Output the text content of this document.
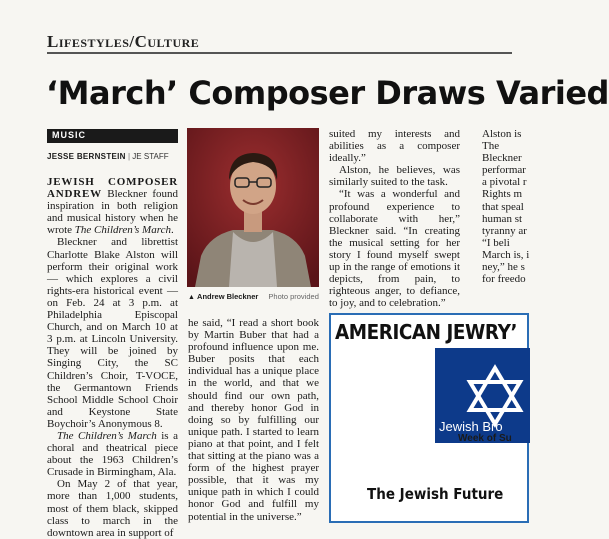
Lifestyles/Culture
‘March’ Composer Draws Varied
MUSIC
JESSE BERNSTEIN | JE STAFF

JEWISH COMPOSER ANDREW Bleckner found inspiration in both religion and musical history when he wrote The Children’s March.

Bleckner and librettist Charlotte Blake Alston will perform their original work — which explores a civil rights-era historical event — on Feb. 24 at 3 p.m. at Philadelphia Episcopal Church, and on March 10 at 3 p.m. at Lincoln University. They will be joined by Singing City, the SC Children’s Choir, T-VOCE, the Germantown Friends School Middle School Choir and Keystone State Boychoir’s Anonymous 8.

The Children’s March is a choral and theatrical piece about the 1963 Children’s Crusade in Birmingham, Ala.

On May 2 of that year, more than 1,000 students, most of them black, skipped class to march in the downtown area in support of

▲ Andrew Bleckner Photo provided

he said, “I read a short book by Martin Buber that had a profound influence upon me. Buber posits that each individual has a unique place in the world, and that we should find our own path, and thereby honor God in doing so by fulfilling our unique path. I started to learn piano at that point, and I felt that sitting at the piano was a form of the highest prayer possible, that it was my unique path in which I could honor God and fulfill my potential in the universe.”

suited my interests and abilities as a composer ideally.”

Alston, he believes, was similarly suited to the task.

“It was a wonderful and profound experience to collaborate with her,” Bleckner said. “In creating the musical setting for her story I found myself swept up in the range of emotions it depicts, from pain, to righteous anger, to defiance, to joy, and to celebration.”

Alston is
The
Bleckner
performar
a pivotal r
Rights m
that speal
human st
tyranny ar
“I beli
March is, i
ney,” he s
for freedo
AMERICAN JEWRY’
Jewish Bro
Week of Su
The Jewish Future
